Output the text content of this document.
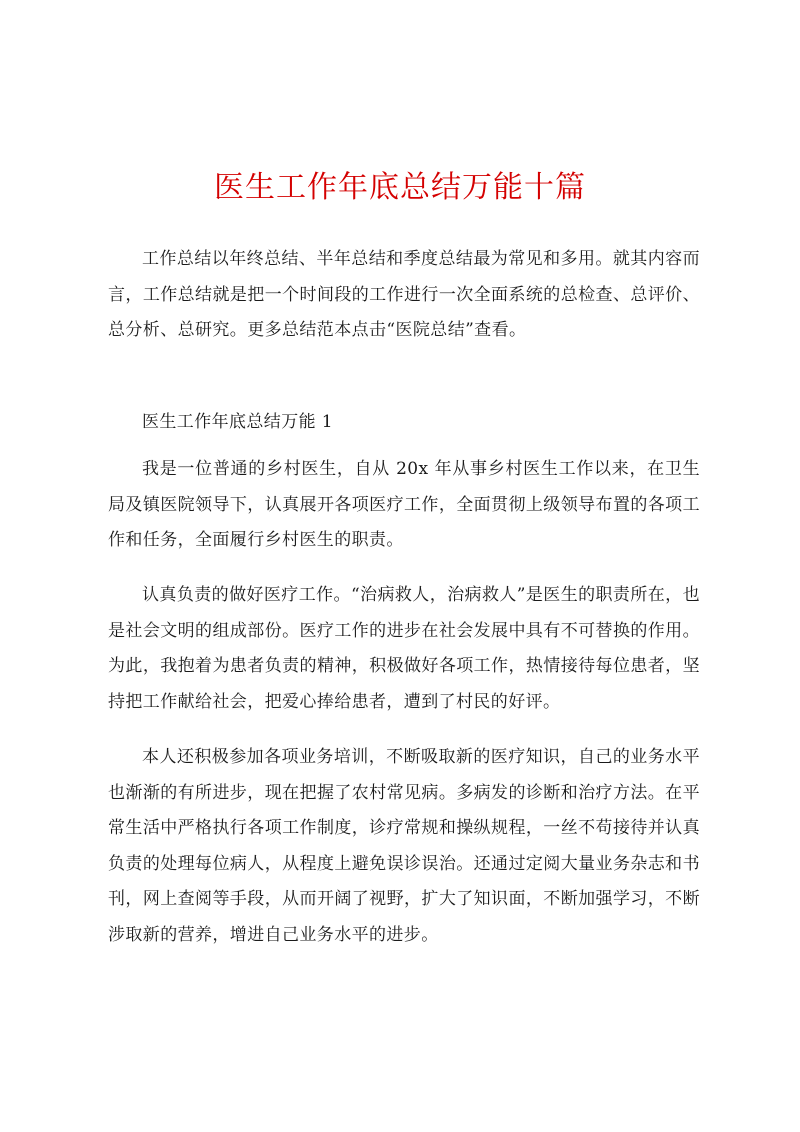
医生工作年底总结万能十篇

工作总结以年终总结、半年总结和季度总结最为常见和多用。就其内容而言，工作总结就是把一个时间段的工作进行一次全面系统的总检查、总评价、总分析、总研究。更多总结范本点击“医院总结”查看。

医生工作年底总结万能 1

我是一位普通的乡村医生，自从 20x 年从事乡村医生工作以来，在卫生局及镇医院领导下，认真展开各项医疗工作，全面贯彻上级领导布置的各项工作和任务，全面履行乡村医生的职责。

认真负责的做好医疗工作。“治病救人，治病救人”是医生的职责所在，也是社会文明的组成部份。医疗工作的进步在社会发展中具有不可替换的作用。为此，我抱着为患者负责的精神，积极做好各项工作，热情接待每位患者，坚持把工作献给社会，把爱心捧给患者，遭到了村民的好评。

本人还积极参加各项业务培训，不断吸取新的医疗知识，自己的业务水平也渐渐的有所进步，现在把握了农村常见病。多病发的诊断和治疗方法。在平常生活中严格执行各项工作制度，诊疗常规和操纵规程，一丝不苟接待并认真负责的处理每位病人，从程度上避免误诊误治。还通过定阅大量业务杂志和书刊，网上查阅等手段，从而开阔了视野，扩大了知识面，不断加强学习，不断涉取新的营养，增进自己业务水平的进步。
